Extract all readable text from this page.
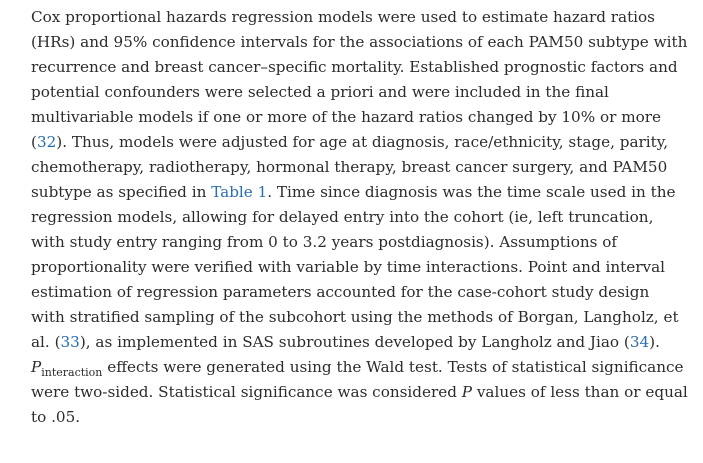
Cox proportional hazards regression models were used to estimate hazard ratios
(HRs) and 95% confidence intervals for the associations of each PAM50 subtype with
recurrence and breast cancer–specific mortality. Established prognostic factors and
potential confounders were selected a priori and were included in the final
multivariable models if one or more of the hazard ratios changed by 10% or more
(32). Thus, models were adjusted for age at diagnosis, race/ethnicity, stage, parity,
chemotherapy, radiotherapy, hormonal therapy, breast cancer surgery, and PAM50
subtype as specified in Table 1. Time since diagnosis was the time scale used in the
regression models, allowing for delayed entry into the cohort (ie, left truncation,
with study entry ranging from 0 to 3.2 years postdiagnosis). Assumptions of
proportionality were verified with variable by time interactions. Point and interval
estimation of regression parameters accounted for the case-cohort study design
with stratified sampling of the subcohort using the methods of Borgan, Langholz, et
al. (33), as implemented in SAS subroutines developed by Langholz and Jiao (34).
$P_{interaction}$ effects were generated using the Wald test. Tests of statistical significance
were two-sided. Statistical significance was considered P values of less than or equal
to .05.
